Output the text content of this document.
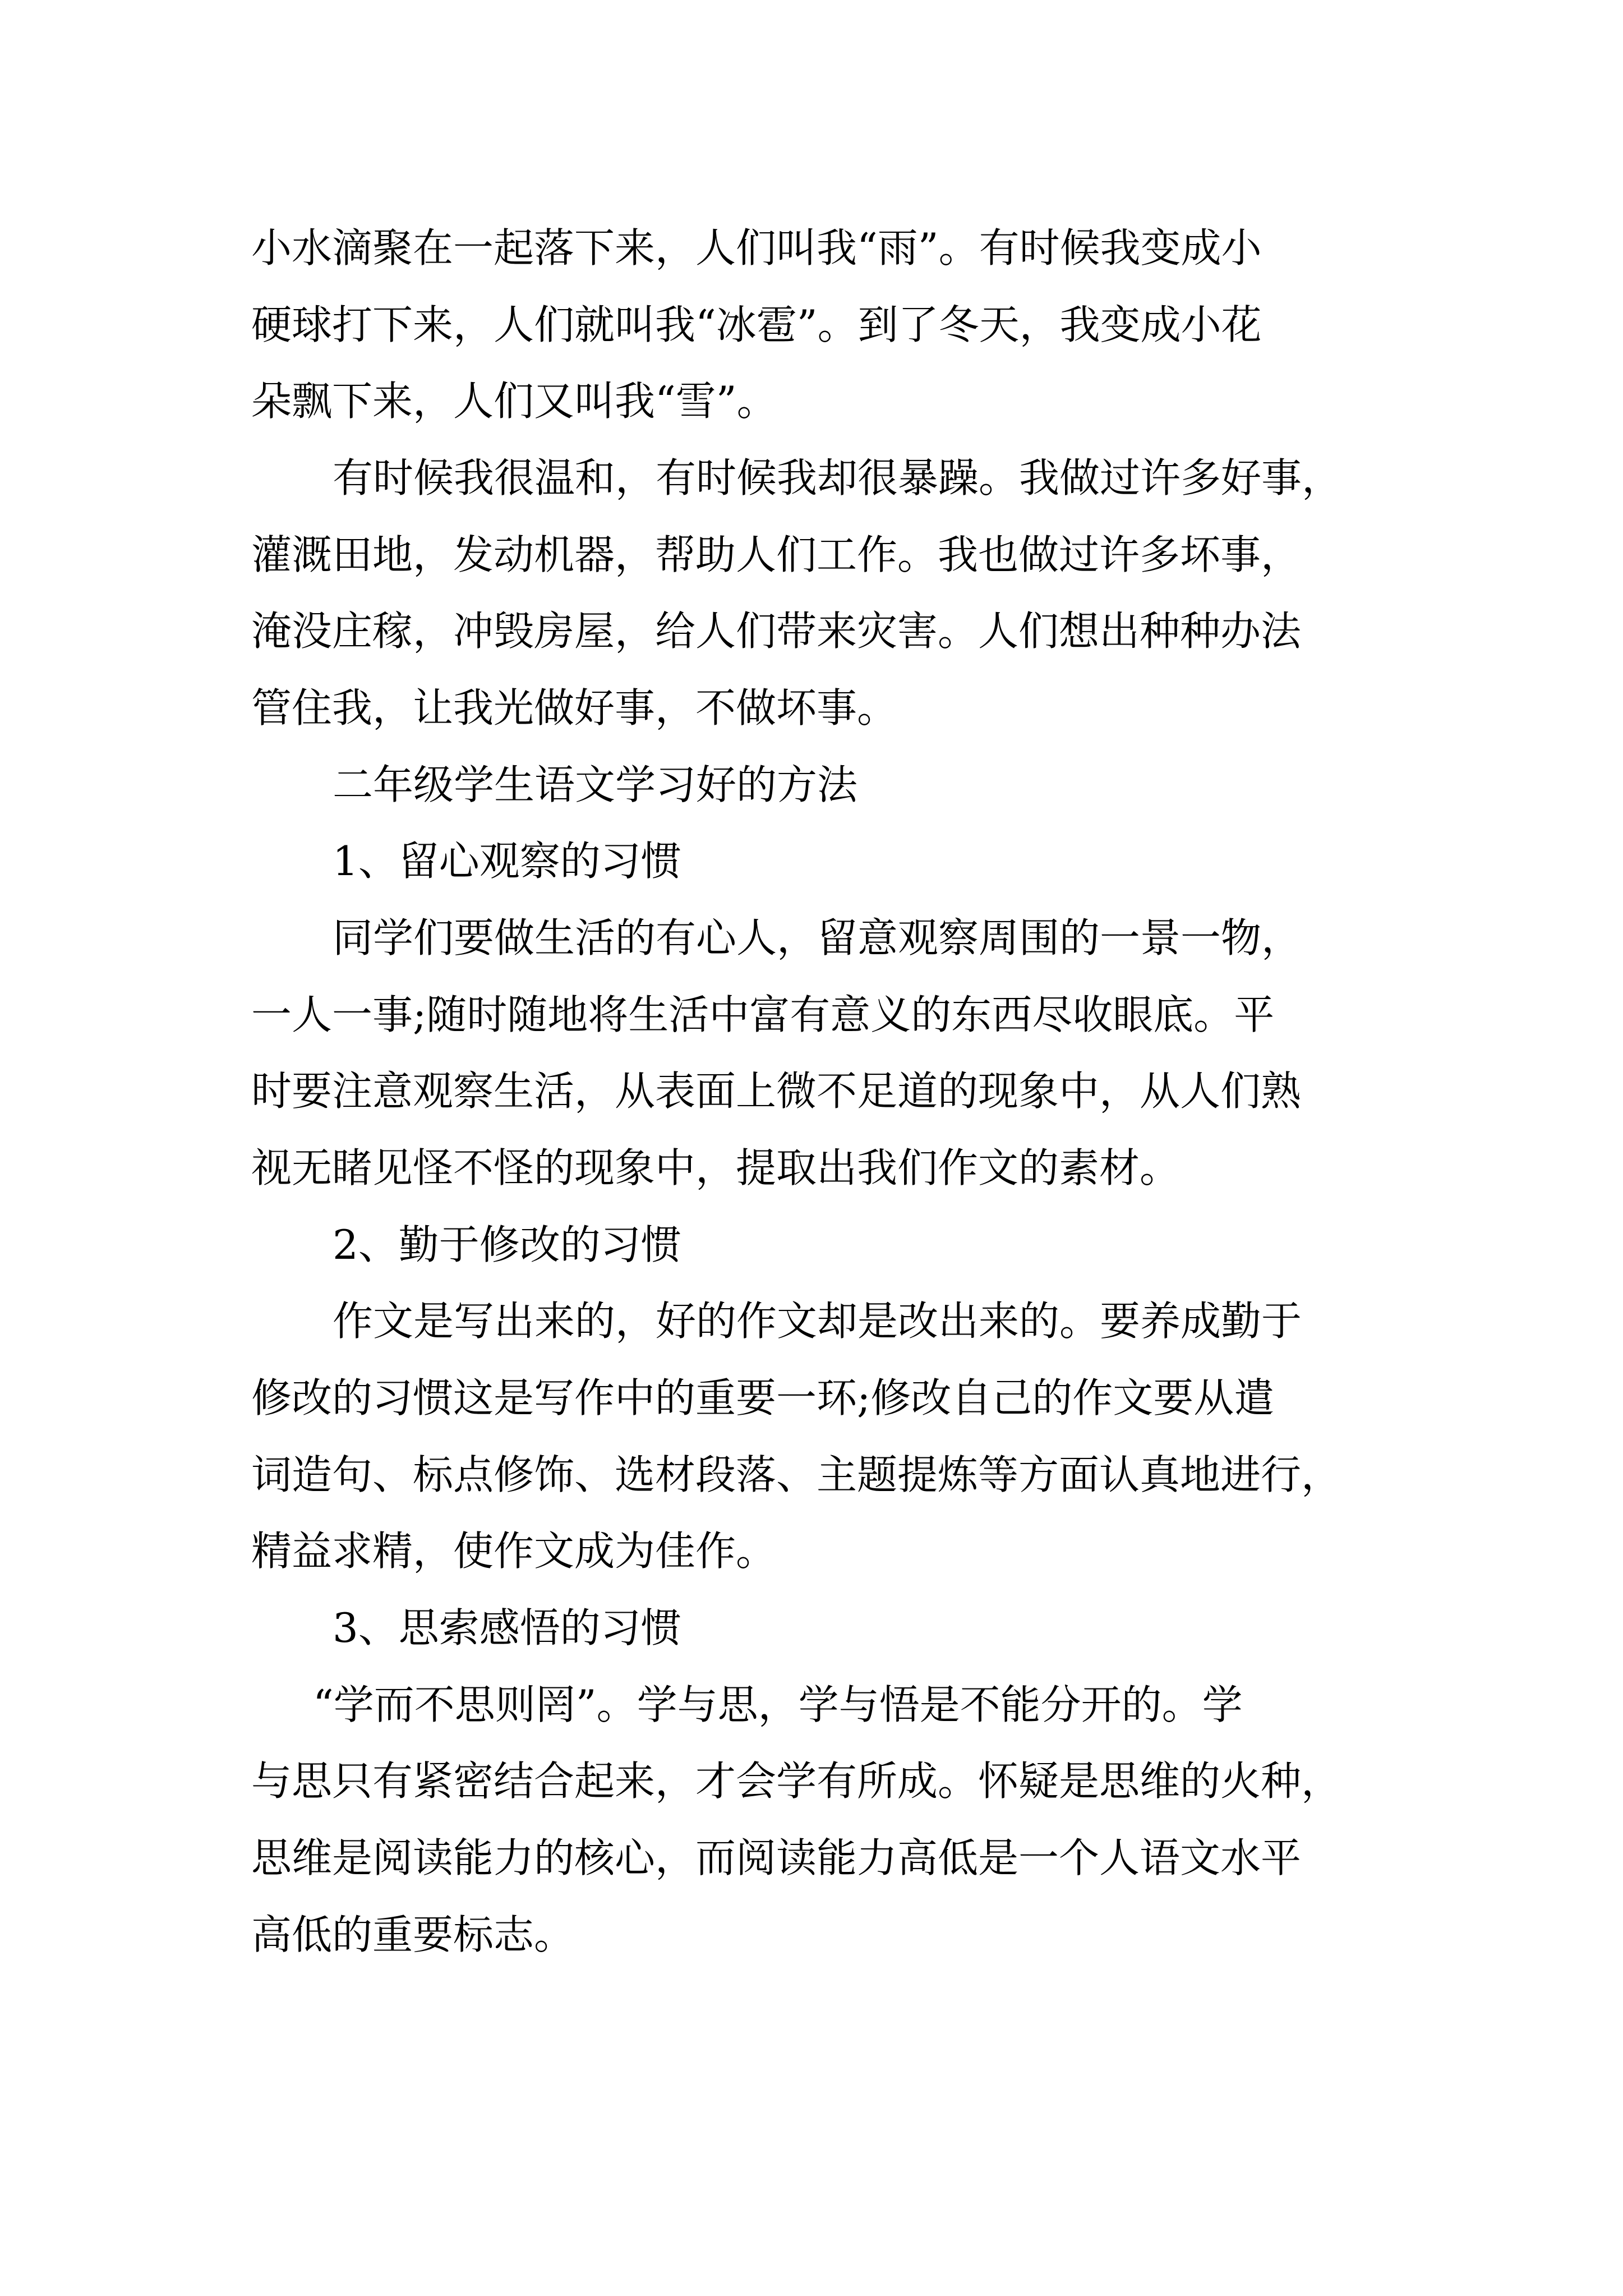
小水滴聚在一起落下来，人们叫我“雨”。有时候我变成小
硬球打下来，人们就叫我“冰雹”。到了冬天，我变成小花
朵飘下来，人们又叫我“雪”。
有时候我很温和，有时候我却很暴躁。我做过许多好事，
灌溉田地，发动机器，帮助人们工作。我也做过许多坏事，
淹没庄稼，冲毁房屋，给人们带来灾害。人们想出种种办法
管住我，让我光做好事，不做坏事。
二年级学生语文学习好的方法
1、留心观察的习惯
同学们要做生活的有心人，留意观察周围的一景一物，
一人一事;随时随地将生活中富有意义的东西尽收眼底。平
时要注意观察生活，从表面上微不足道的现象中，从人们熟
视无睹见怪不怪的现象中，提取出我们作文的素材。
2、勤于修改的习惯
作文是写出来的，好的作文却是改出来的。要养成勤于
修改的习惯这是写作中的重要一环;修改自己的作文要从遣
词造句、标点修饰、选材段落、主题提炼等方面认真地进行，
精益求精，使作文成为佳作。
3、思索感悟的习惯
“学而不思则罔”。学与思，学与悟是不能分开的。学
与思只有紧密结合起来，才会学有所成。怀疑是思维的火种，
思维是阅读能力的核心，而阅读能力高低是一个人语文水平
高低的重要标志。
